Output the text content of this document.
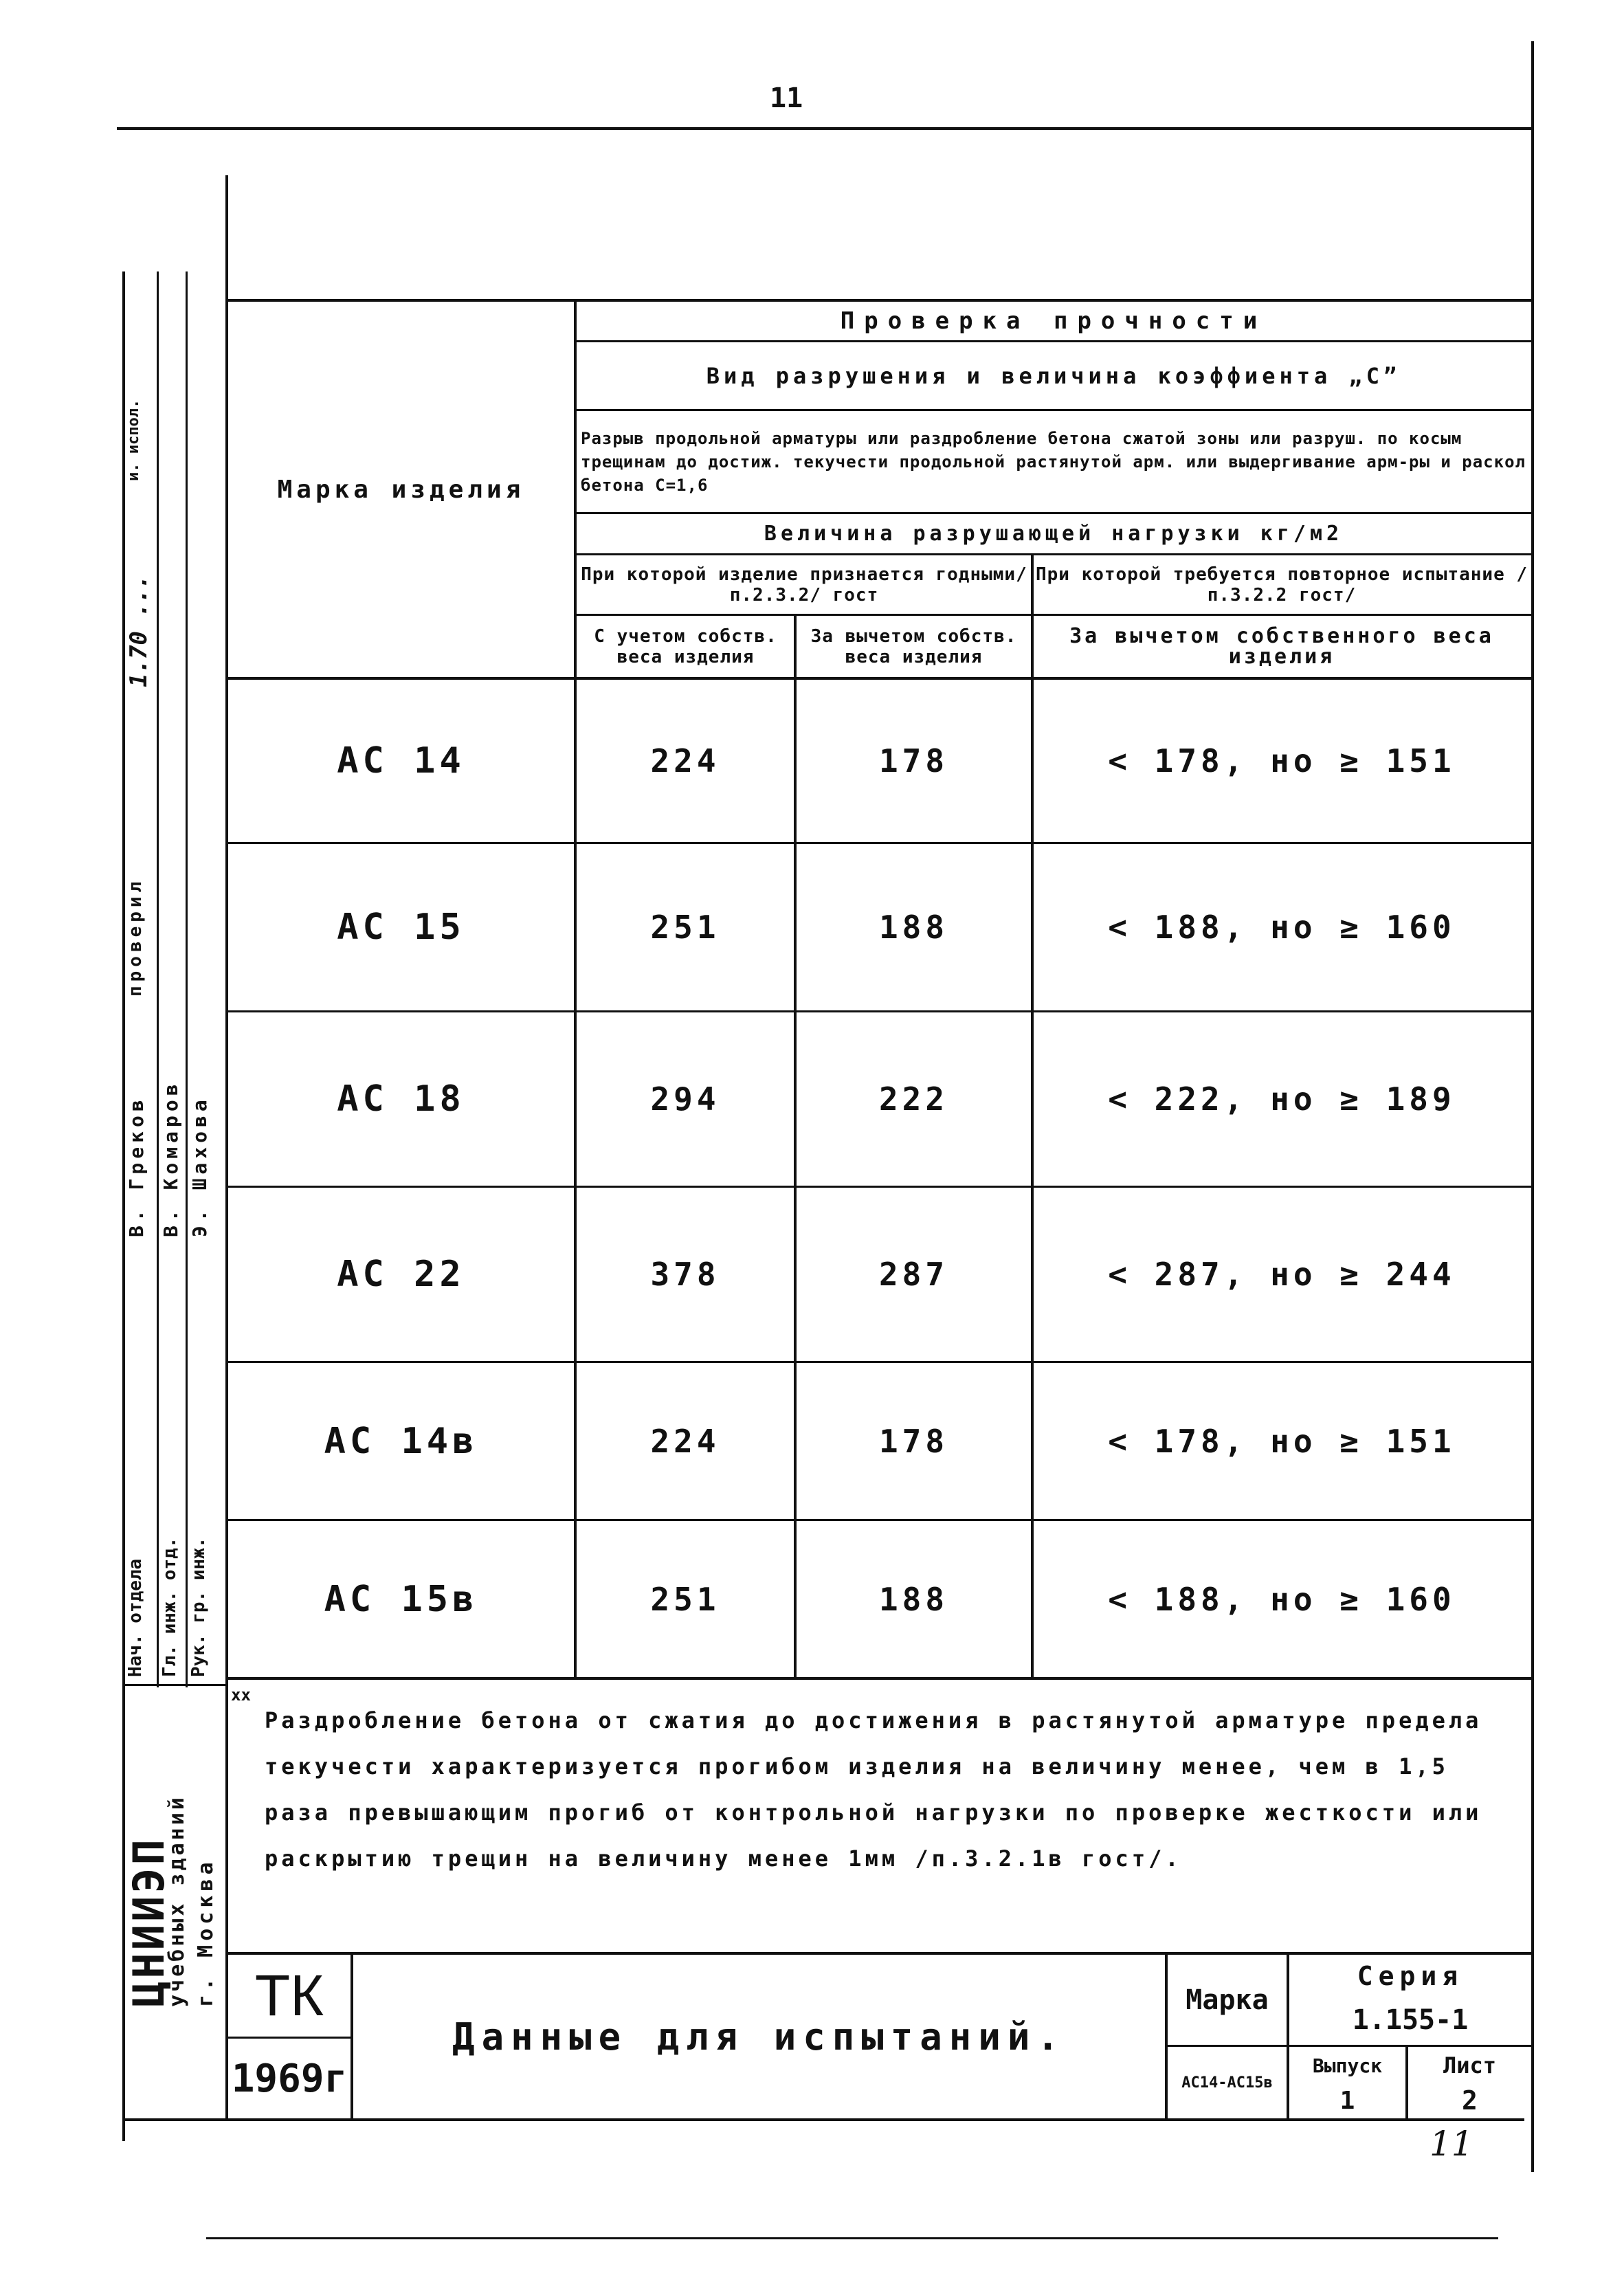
11
Нач. отдела Гл. инж. отд. Рук. гр. инж.
В. Греков В. Комаров Э. Шахова
проверил
1.70 ...
и. испол.
ЦНИИЭП
учебных зданий г. Москва
Проверка прочности
Вид разрушения и величина коэффиента „С”
Разрыв продольной арматуры или раздробление бетона сжатой зоны или разруш. по косым трещинам до достиж. текучести продольной растянутой арм. или выдергивание арм-ры и раскол бетона С=1,6
Величина разрушающей нагрузки кг/м2
При которой изделие признается годными/ п.2.3.2/ гост
При которой требуется повторное испытание /п.3.2.2 гост/
С учетом собств. веса изделия
За вычетом собств. веса изделия
За вычетом собственного веса изделия
Марка изделия
АС 14	224	178	< 178, но ≥ 151
АС 15	251	188	< 188, но ≥ 160
АС 18	294	222	< 222, но ≥ 189
АС 22	378	287	< 287, но ≥ 244
АС 14в	224	178	< 178, но ≥ 151
АС 15в	251	188	< 188, но ≥ 160
xx
Раздробление бетона от сжатия до достижения в растянутой арматуре предела текучести характеризуется прогибом изделия на величину менее, чем в 1,5 раза превышающим прогиб от контрольной нагрузки по проверке жесткости или раскрытию трещин на величину менее 1мм /п.3.2.1в гост/.
ТК
1969г
Данные для испытаний.
Марка
АС14-АС15в
Серия
1.155-1
Выпуск
1
Лист
2
11
